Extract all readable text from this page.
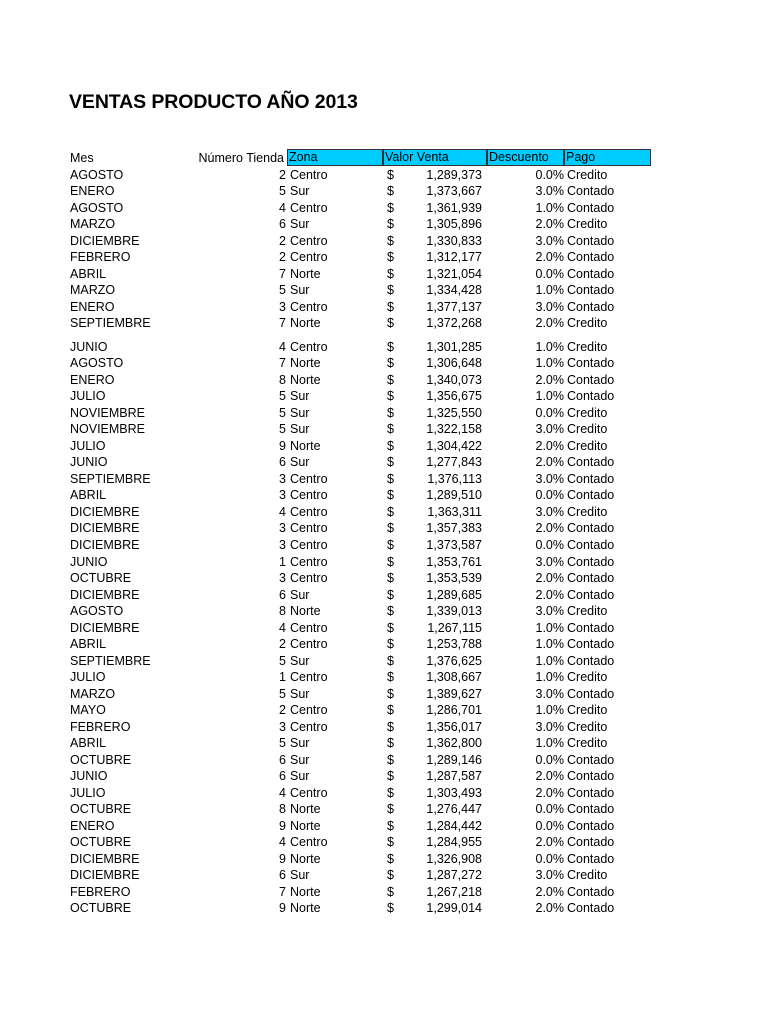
VENTAS PRODUCTO AÑO 2013
Mes	Número Tienda Zona	Valor Venta	Descuento	Pago
AGOSTO	2 Centro	$	1,289,373	0.0% Credito
ENERO	5 Sur	$	1,373,667	3.0% Contado
AGOSTO	4 Centro	$	1,361,939	1.0% Contado
MARZO	6 Sur	$	1,305,896	2.0% Credito
DICIEMBRE	2 Centro	$	1,330,833	3.0% Contado
FEBRERO	2 Centro	$	1,312,177	2.0% Contado
ABRIL	7 Norte	$	1,321,054	0.0% Contado
MARZO	5 Sur	$	1,334,428	1.0% Contado
ENERO	3 Centro	$	1,377,137	3.0% Contado
SEPTIEMBRE	7 Norte	$	1,372,268	2.0% Credito
JUNIO	4 Centro	$	1,301,285	1.0% Credito
AGOSTO	7 Norte	$	1,306,648	1.0% Contado
ENERO	8 Norte	$	1,340,073	2.0% Contado
JULIO	5 Sur	$	1,356,675	1.0% Contado
NOVIEMBRE	5 Sur	$	1,325,550	0.0% Credito
NOVIEMBRE	5 Sur	$	1,322,158	3.0% Credito
JULIO	9 Norte	$	1,304,422	2.0% Credito
JUNIO	6 Sur	$	1,277,843	2.0% Contado
SEPTIEMBRE	3 Centro	$	1,376,113	3.0% Contado
ABRIL	3 Centro	$	1,289,510	0.0% Contado
DICIEMBRE	4 Centro	$	1,363,311	3.0% Credito
DICIEMBRE	3 Centro	$	1,357,383	2.0% Contado
DICIEMBRE	3 Centro	$	1,373,587	0.0% Contado
JUNIO	1 Centro	$	1,353,761	3.0% Contado
OCTUBRE	3 Centro	$	1,353,539	2.0% Contado
DICIEMBRE	6 Sur	$	1,289,685	2.0% Contado
AGOSTO	8 Norte	$	1,339,013	3.0% Credito
DICIEMBRE	4 Centro	$	1,267,115	1.0% Contado
ABRIL	2 Centro	$	1,253,788	1.0% Contado
SEPTIEMBRE	5 Sur	$	1,376,625	1.0% Contado
JULIO	1 Centro	$	1,308,667	1.0% Credito
MARZO	5 Sur	$	1,389,627	3.0% Contado
MAYO	2 Centro	$	1,286,701	1.0% Credito
FEBRERO	3 Centro	$	1,356,017	3.0% Credito
ABRIL	5 Sur	$	1,362,800	1.0% Credito
OCTUBRE	6 Sur	$	1,289,146	0.0% Contado
JUNIO	6 Sur	$	1,287,587	2.0% Contado
JULIO	4 Centro	$	1,303,493	2.0% Contado
OCTUBRE	8 Norte	$	1,276,447	0.0% Contado
ENERO	9 Norte	$	1,284,442	0.0% Contado
OCTUBRE	4 Centro	$	1,284,955	2.0% Contado
DICIEMBRE	9 Norte	$	1,326,908	0.0% Contado
DICIEMBRE	6 Sur	$	1,287,272	3.0% Credito
FEBRERO	7 Norte	$	1,267,218	2.0% Contado
OCTUBRE	9 Norte	$	1,299,014	2.0% Contado
